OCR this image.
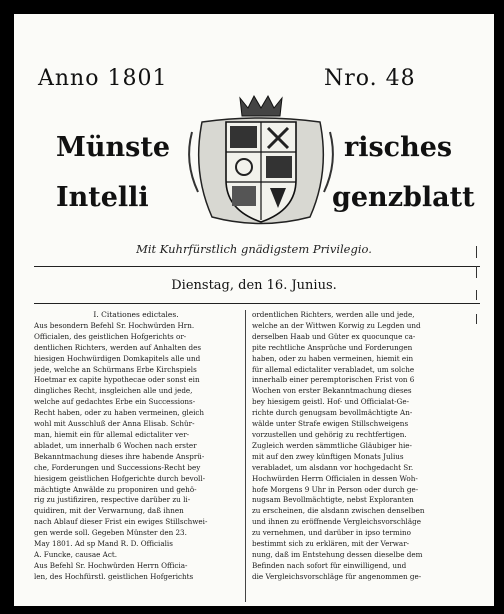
Anno 1801	Nro. 48
Münste	risches
Intelli	genzblatt
Mit Kuhrfürstlich gnädigstem Privilegio.
Dienstag, den 16. Junius.
I. Citationes edictales.
Aus besondern Befehl Sr. Hochwürden Hrn.
Officialen, des geistlichen Hofgerichts or-
dentlichen Richters, werden auf Anhalten des
hiesigen Hochwürdigen Domkapitels alle und
jede, welche an Schürmans Erbe Kirchspiels
Hoetmar ex capite hypothecae oder sonst ein
dingliches Recht, insgleichen alle und jede,
welche auf gedachtes Erbe ein Successions-
Recht haben, oder zu haben vermeinen, gleich
wohl mit Ausschluß der Anna Elisab. Schür-
man, hiemit ein für allemal edictaliter ver-
abladet, um innerhalb 6 Wochen nach erster
Bekanntmachung dieses ihre habende Ansprü-
che, Forderungen und Successions-Recht bey
hiesigem geistlichen Hofgerichte durch bevoll-
mächtigte Anwälde zu proponiren und gehö-
rig zu justifiziren, respective darüber zu li-
quidiren, mit der Verwarnung, daß ihnen
nach Ablauf dieser Frist ein ewiges Stillschwei-
gen werde soll. Gegeben Münster den 23.
May 1801. Ad sp Mand R. D. Officialis
A. Funcke, causae Act.
Aus Befehl Sr. Hochwürden Herrn Officia-
len, des Hochfürstl. geistlichen Hofgerichts
ordentlichen Richters, werden alle und jede,
welche an der Wittwen Korwig zu Legden und
derselben Haab und Güter ex quocunque ca-
pite rechtliche Ansprüche und Forderungen
haben, oder zu haben vermeinen, hiemit ein
für allemal edictaliter verabladet, um solche
innerhalb einer peremptorischen Frist von 6
Wochen von erster Bekanntmachung dieses
bey hiesigem geistl. Hof- und Officialat-Ge-
richte durch genugsam bevollmächtigte An-
wälde unter Strafe ewigen Stillschweigens
vorzustellen und gehörig zu rechtfertigen.
Zugleich werden sämmtliche Gläubiger hie-
mit auf den zwey künftigen Monats Julius
verabladet, um alsdann vor hochgedacht Sr.
Hochwürden Herrn Officialen in dessen Woh-
hofe Morgens 9 Uhr in Person oder durch ge-
nugsam Bevollmächtigte, nebst Exploranten
zu erscheinen, die alsdann zwischen denselben
und ihnen zu eröffnende Vergleichsvorschläge
zu vernehmen, und darüber in ipso termino
bestimmt sich zu erklären, mit der Verwar-
nung, daß im Entstehung dessen dieselbe dem
Befinden nach sofort für einwilligend, und
die Vergleichsvorschläge für angenommen ge-
